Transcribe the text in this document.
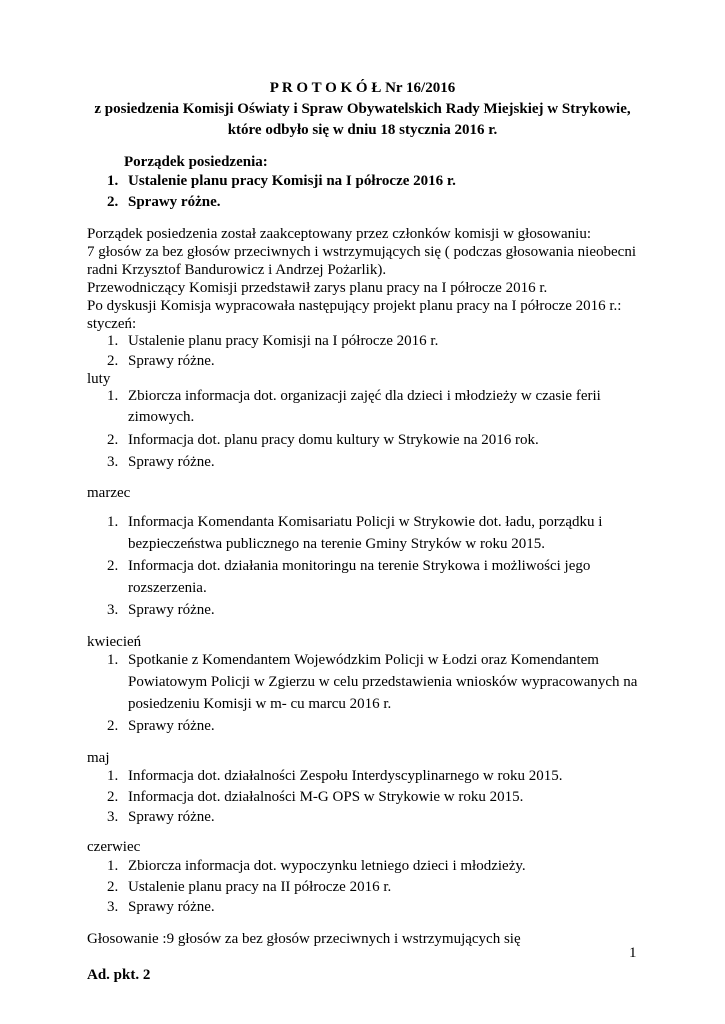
P R O T O K Ó Ł Nr 16/2016
z posiedzenia Komisji Oświaty i Spraw Obywatelskich Rady Miejskiej w Strykowie,
które odbyło się w dniu 18 stycznia 2016 r.
Porządek posiedzenia:
1. Ustalenie planu pracy Komisji na I półrocze 2016 r.
2. Sprawy różne.
Porządek posiedzenia został zaakceptowany przez członków komisji w głosowaniu:
7 głosów za bez głosów przeciwnych i wstrzymujących się ( podczas głosowania nieobecni
radni Krzysztof Bandurowicz i Andrzej Pożarlik).
Przewodniczący Komisji przedstawił zarys planu pracy na I półrocze 2016 r.
Po dyskusji Komisja wypracowała następujący projekt planu pracy na I półrocze 2016 r.:
styczeń:
1. Ustalenie planu pracy Komisji na I półrocze 2016 r.
2. Sprawy różne.
luty
1. Zbiorcza informacja dot. organizacji zajęć dla dzieci i młodzieży w czasie ferii
zimowych.
2. Informacja dot. planu pracy domu kultury w Strykowie na 2016 rok.
3. Sprawy różne.
marzec
1. Informacja Komendanta Komisariatu Policji w Strykowie dot. ładu, porządku i
bezpieczeństwa publicznego na terenie Gminy Stryków w roku 2015.
2. Informacja dot. działania monitoringu na terenie Strykowa i możliwości jego
rozszerzenia.
3. Sprawy różne.
kwiecień
1. Spotkanie z Komendantem Wojewódzkim Policji w Łodzi oraz Komendantem
Powiatowym Policji w Zgierzu w celu przedstawienia wniosków wypracowanych na
posiedzeniu Komisji w m- cu marcu 2016 r.
2. Sprawy różne.
maj
1. Informacja dot. działalności Zespołu Interdyscyplinarnego w roku 2015.
2. Informacja dot. działalności M-G OPS w Strykowie w roku 2015.
3. Sprawy różne.
czerwiec
1. Zbiorcza informacja dot. wypoczynku letniego dzieci i młodzieży.
2. Ustalenie planu pracy na II półrocze 2016 r.
3. Sprawy różne.
Głosowanie :9 głosów za bez głosów przeciwnych i wstrzymujących się
Ad. pkt. 2
1
